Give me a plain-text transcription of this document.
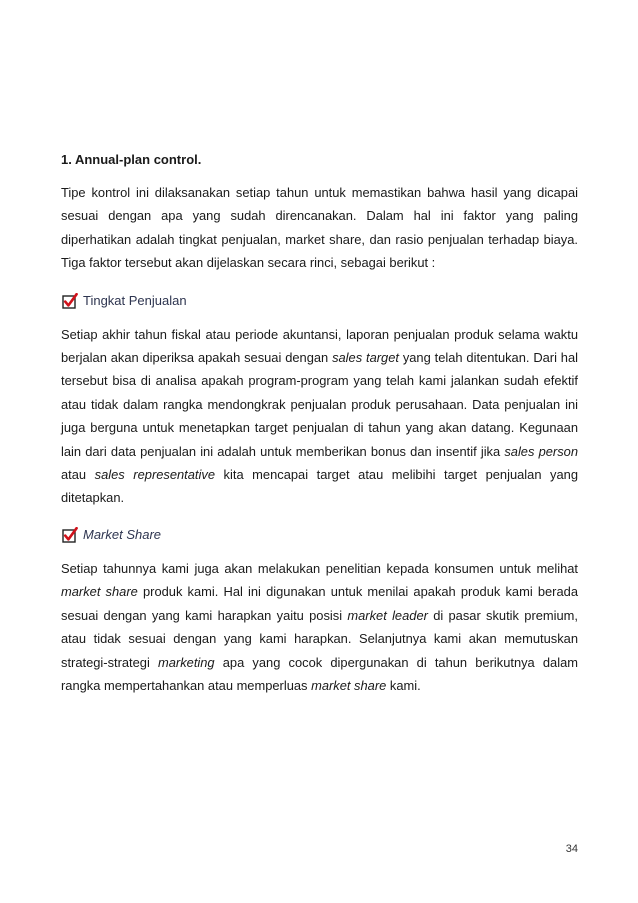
1. Annual-plan control.

Tipe kontrol ini dilaksanakan setiap tahun untuk memastikan bahwa hasil yang dicapai sesuai dengan apa yang sudah direncanakan. Dalam hal ini faktor yang paling diperhatikan adalah tingkat penjualan, market share, dan rasio penjualan terhadap biaya. Tiga faktor tersebut akan dijelaskan secara rinci, sebagai berikut :

Tingkat Penjualan

Setiap akhir tahun fiskal atau periode akuntansi, laporan penjualan produk selama waktu berjalan akan diperiksa apakah sesuai dengan sales target yang telah ditentukan. Dari hal tersebut bisa di analisa apakah program-program yang telah kami jalankan sudah efektif atau tidak dalam rangka mendongkrak penjualan produk perusahaan. Data penjualan ini juga berguna untuk menetapkan target penjualan di tahun yang akan datang. Kegunaan lain dari data penjualan ini adalah untuk memberikan bonus dan insentif jika sales person atau sales representative kita mencapai target atau melibihi target penjualan yang ditetapkan.

Market Share

Setiap tahunnya kami juga akan melakukan penelitian kepada konsumen untuk melihat market share produk kami. Hal ini digunakan untuk menilai apakah produk kami berada sesuai dengan yang kami harapkan yaitu posisi market leader di pasar skutik premium, atau tidak sesuai dengan yang kami harapkan. Selanjutnya kami akan memutuskan strategi-strategi marketing apa yang cocok dipergunakan di tahun berikutnya dalam rangka mempertahankan atau memperluas market share kami.

34
